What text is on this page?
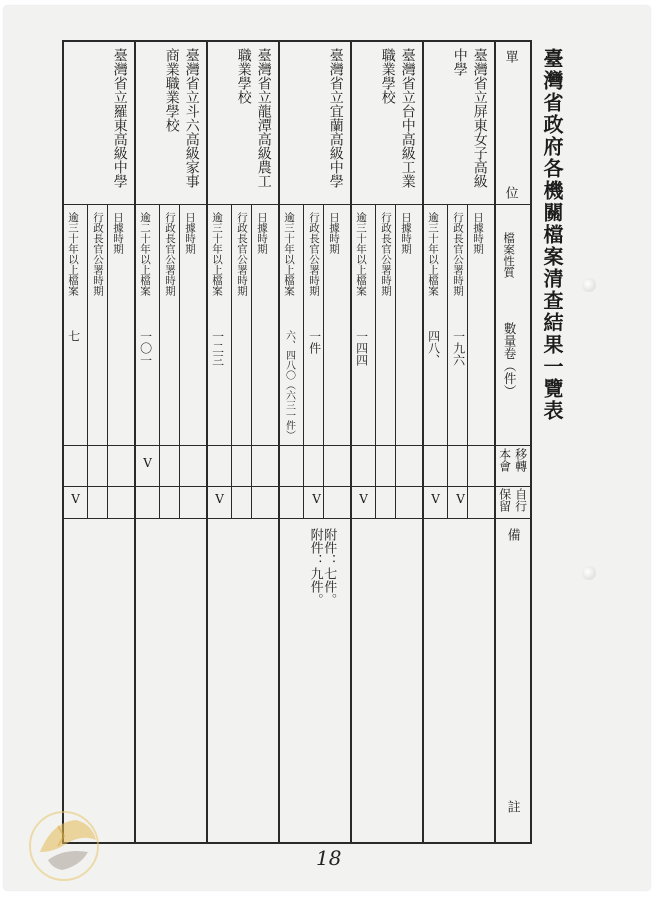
臺灣省政府各機關檔案清查結果一覽表
單
位
檔案性質
數量卷（件）
移轉
本會
自行
保留
備
註
臺灣省立屏東女子高級
中學
日據時期
行政長官公署時期
一九六
V
逾三十年以上檔案
四八、
V
臺灣省立台中高級工業
職業學校
日據時期
行政長官公署時期
逾三十年以上檔案
一四四
V
臺灣省立宜蘭高級中學
日據時期
行政長官公署時期
一件
V
逾三十年以上檔案
六、四八〇（六三一件）
附件：七件。 附件：九件。
臺灣省立龍潭高級農工
職業學校
日據時期
行政長官公署時期
逾三十年以上檔案
一二三
V
臺灣省立斗六高級家事
商業職業學校
日據時期
行政長官公署時期
逾二十年以上檔案
一〇一
V
臺灣省立羅東高級中學
日據時期
行政長官公署時期
逾三十年以上檔案
七
V
18
